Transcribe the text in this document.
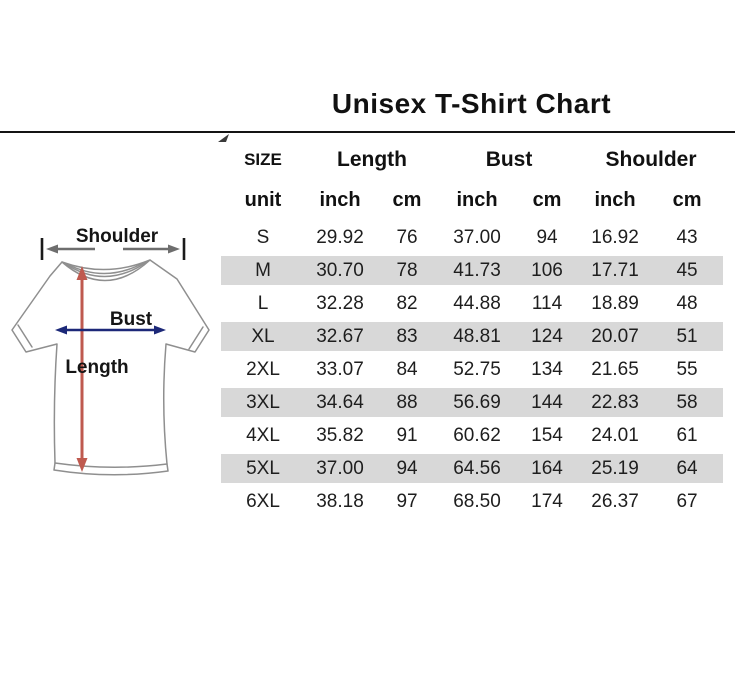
Unisex T-Shirt Chart
Shoulder
Bust
Length
SIZE	Length		Bust		Shoulder	
unit	inch	cm	inch	cm	inch	cm
S	29.92	76	37.00	94	16.92	43
M	30.70	78	41.73	106	17.71	45
L	32.28	82	44.88	114	18.89	48
XL	32.67	83	48.81	124	20.07	51
2XL	33.07	84	52.75	134	21.65	55
3XL	34.64	88	56.69	144	22.83	58
4XL	35.82	91	60.62	154	24.01	61
5XL	37.00	94	64.56	164	25.19	64
6XL	38.18	97	68.50	174	26.37	67
